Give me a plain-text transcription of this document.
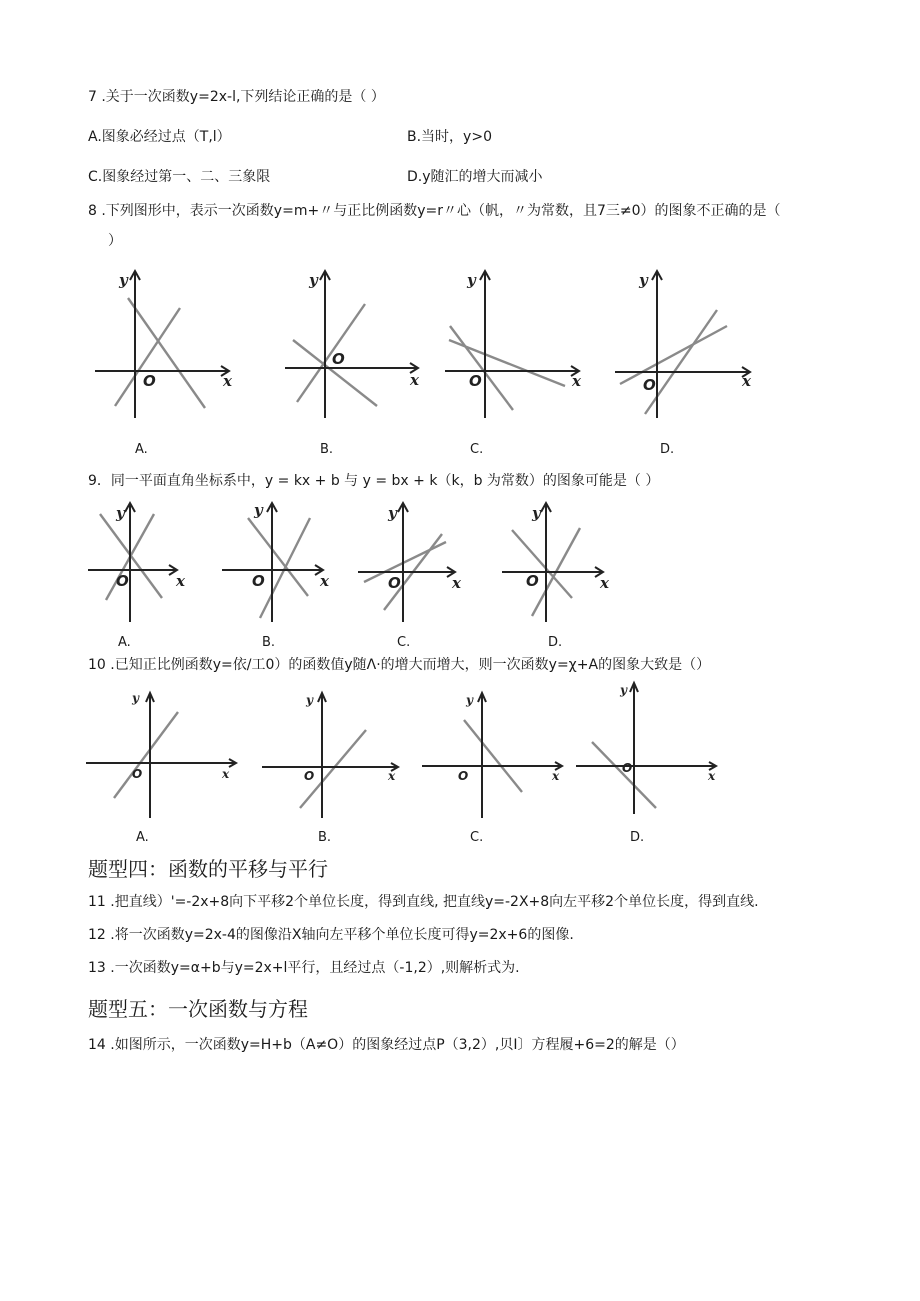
7 .关于一次函数y=2x-l,下列结论正确的是（ ）
A.图象必经过点（T,l）	B.当时，y>0
C.图象经过第一、二、三象限	D.y随汇的增大而减小
8 .下列图形中，表示一次函数y=m+〃与正比例函数y=r〃心（帆，〃为常数，且7三≠0）的图象不正确的是（
）
y
x
O
A.
y
x
O
B.
y
x
O
C.
y
x
O
D.
9．同一平面直角坐标系中，y = kx + b 与 y = bx + k（k，b 为常数）的图象可能是（ ）
y
x
O
A.
y
x
O
B.
y
x
O
C.
y
x
O
D.
10 .已知正比例函数y=依/工0）的函数值y随Λ·的增大而增大，则一次函数y=χ+A的图象大致是（）
y
x
O
A.
y
x
O
B.
y
x
O
C.
y
x
O
D.
题型四：函数的平移与平行
11 .把直线）'=-2x+8向下平移2个单位长度，得到直线, 把直线y=-2X+8向左平移2个单位长度，得到直线.
12 .将一次函数y=2x-4的图像沿X轴向左平移个单位长度可得y=2x+6的图像.
13 .一次函数y=α+b与y=2x+l平行，且经过点（-1,2）,则解析式为.
题型五：一次函数与方程
14 .如图所示，一次函数y=H+b（A≠O）的图象经过点P（3,2）,贝I〕方程履+6=2的解是（）
